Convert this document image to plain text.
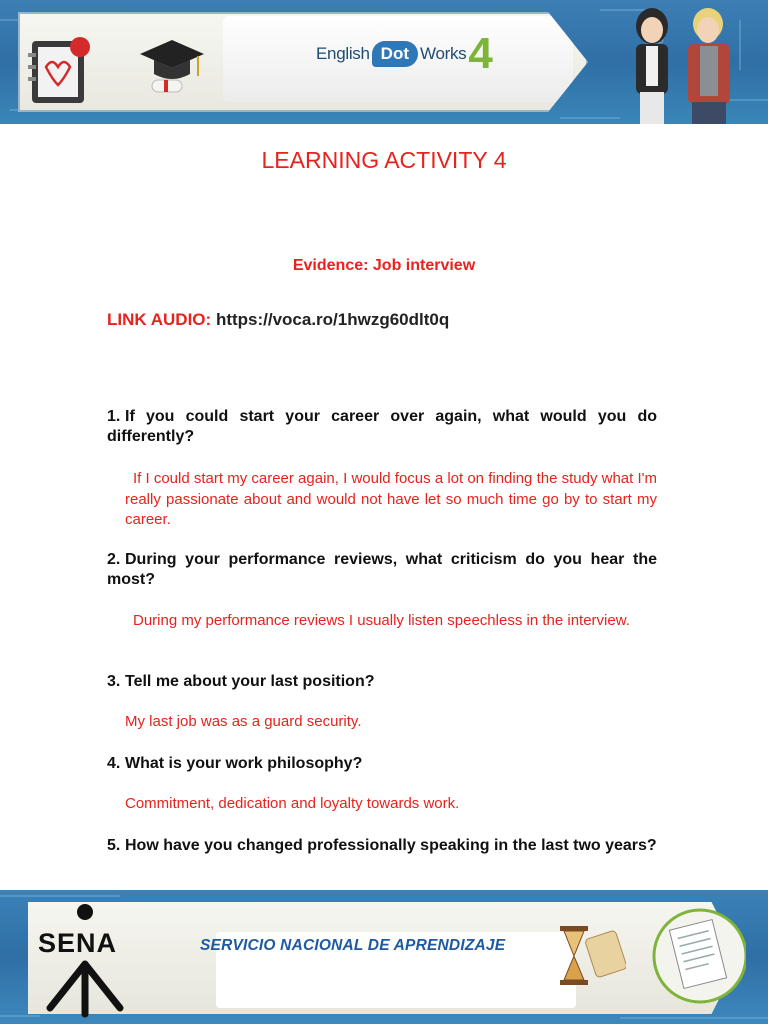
English Dot Works 4
LEARNING ACTIVITY 4
Evidence: Job interview
LINK AUDIO: https://voca.ro/1hwzg60dlt0q
1. If you could start your career over again, what would you do differently?
If I could start my career again, I would focus a lot on finding the study what I'm really passionate about and would not have let so much time go by to start my career.
2. During your performance reviews, what criticism do you hear the most?
During my performance reviews I usually listen speechless in the interview.
3. Tell me about your last position?
My last job was as a guard security.
4. What is your work philosophy?
Commitment, dedication and loyalty towards work.
5. How have you changed professionally speaking in the last two years?
SENA	SERVICIO NACIONAL DE APRENDIZAJE
